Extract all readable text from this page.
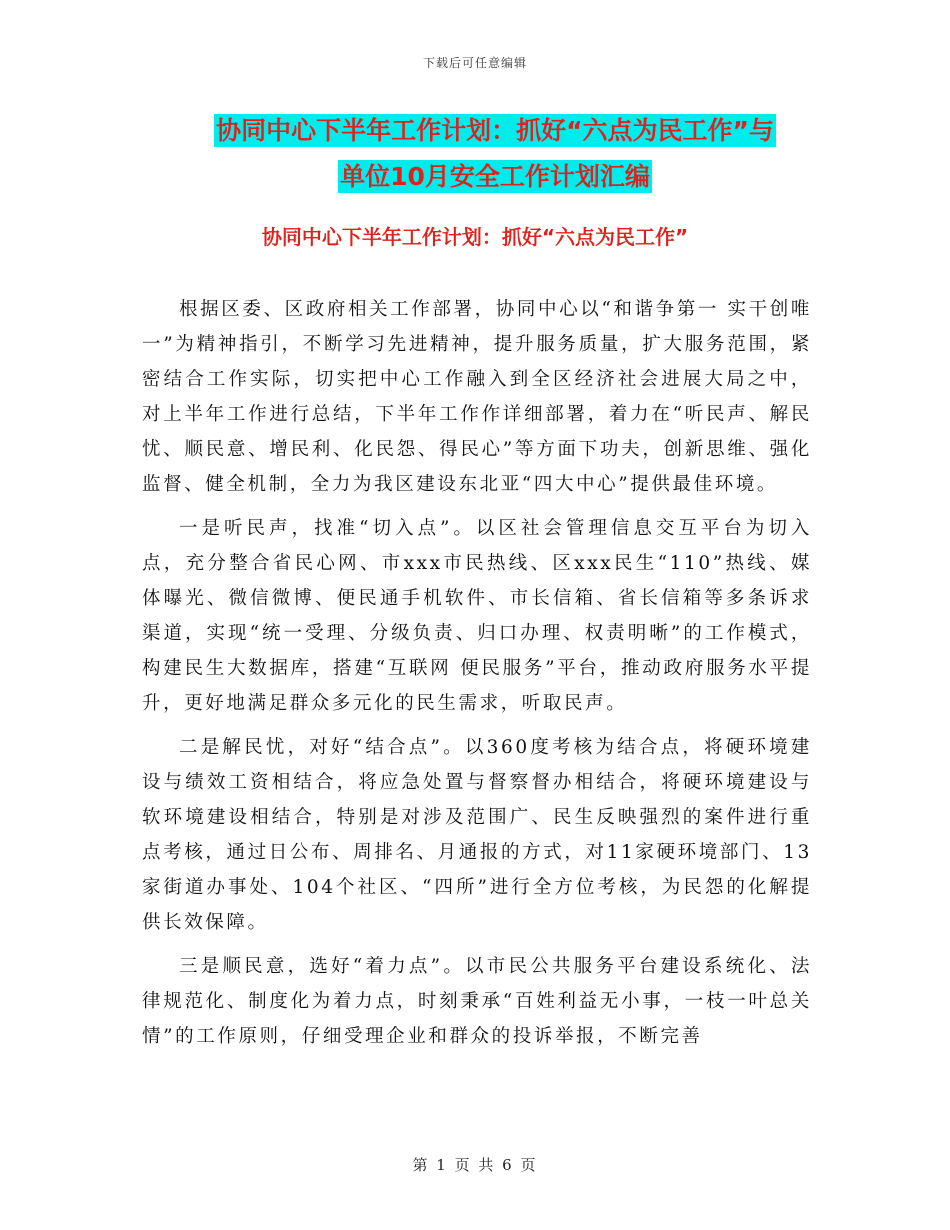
下载后可任意编辑
协同中心下半年工作计划：抓好“六点为民工作”与
单位10月安全工作计划汇编
协同中心下半年工作计划：抓好“六点为民工作”

根据区委、区政府相关工作部署，协同中心以“和谐争第一 实干创唯一”为精神指引，不断学习先进精神，提升服务质量，扩大服务范围，紧密结合工作实际，切实把中心工作融入到全区经济社会进展大局之中，对上半年工作进行总结，下半年工作作详细部署，着力在“听民声、解民忧、顺民意、增民利、化民怨、得民心”等方面下功夫，创新思维、强化监督、健全机制，全力为我区建设东北亚“四大中心”提供最佳环境。

一是听民声，找准“切入点”。以区社会管理信息交互平台为切入点，充分整合省民心网、市xxx市民热线、区xxx民生“110”热线、媒体曝光、微信微博、便民通手机软件、市长信箱、省长信箱等多条诉求渠道，实现“统一受理、分级负责、归口办理、权责明晰”的工作模式，构建民生大数据库，搭建“互联网 便民服务”平台，推动政府服务水平提升，更好地满足群众多元化的民生需求，听取民声。

二是解民忧，对好“结合点”。以360度考核为结合点，将硬环境建设与绩效工资相结合，将应急处置与督察督办相结合，将硬环境建设与软环境建设相结合，特别是对涉及范围广、民生反映强烈的案件进行重点考核，通过日公布、周排名、月通报的方式，对11家硬环境部门、13家街道办事处、104个社区、“四所”进行全方位考核，为民怨的化解提供长效保障。

三是顺民意，选好“着力点”。以市民公共服务平台建设系统化、法律规范化、制度化为着力点，时刻秉承“百姓利益无小事，一枝一叶总关情”的工作原则，仔细受理企业和群众的投诉举报，不断完善

第 1 页 共 6 页
